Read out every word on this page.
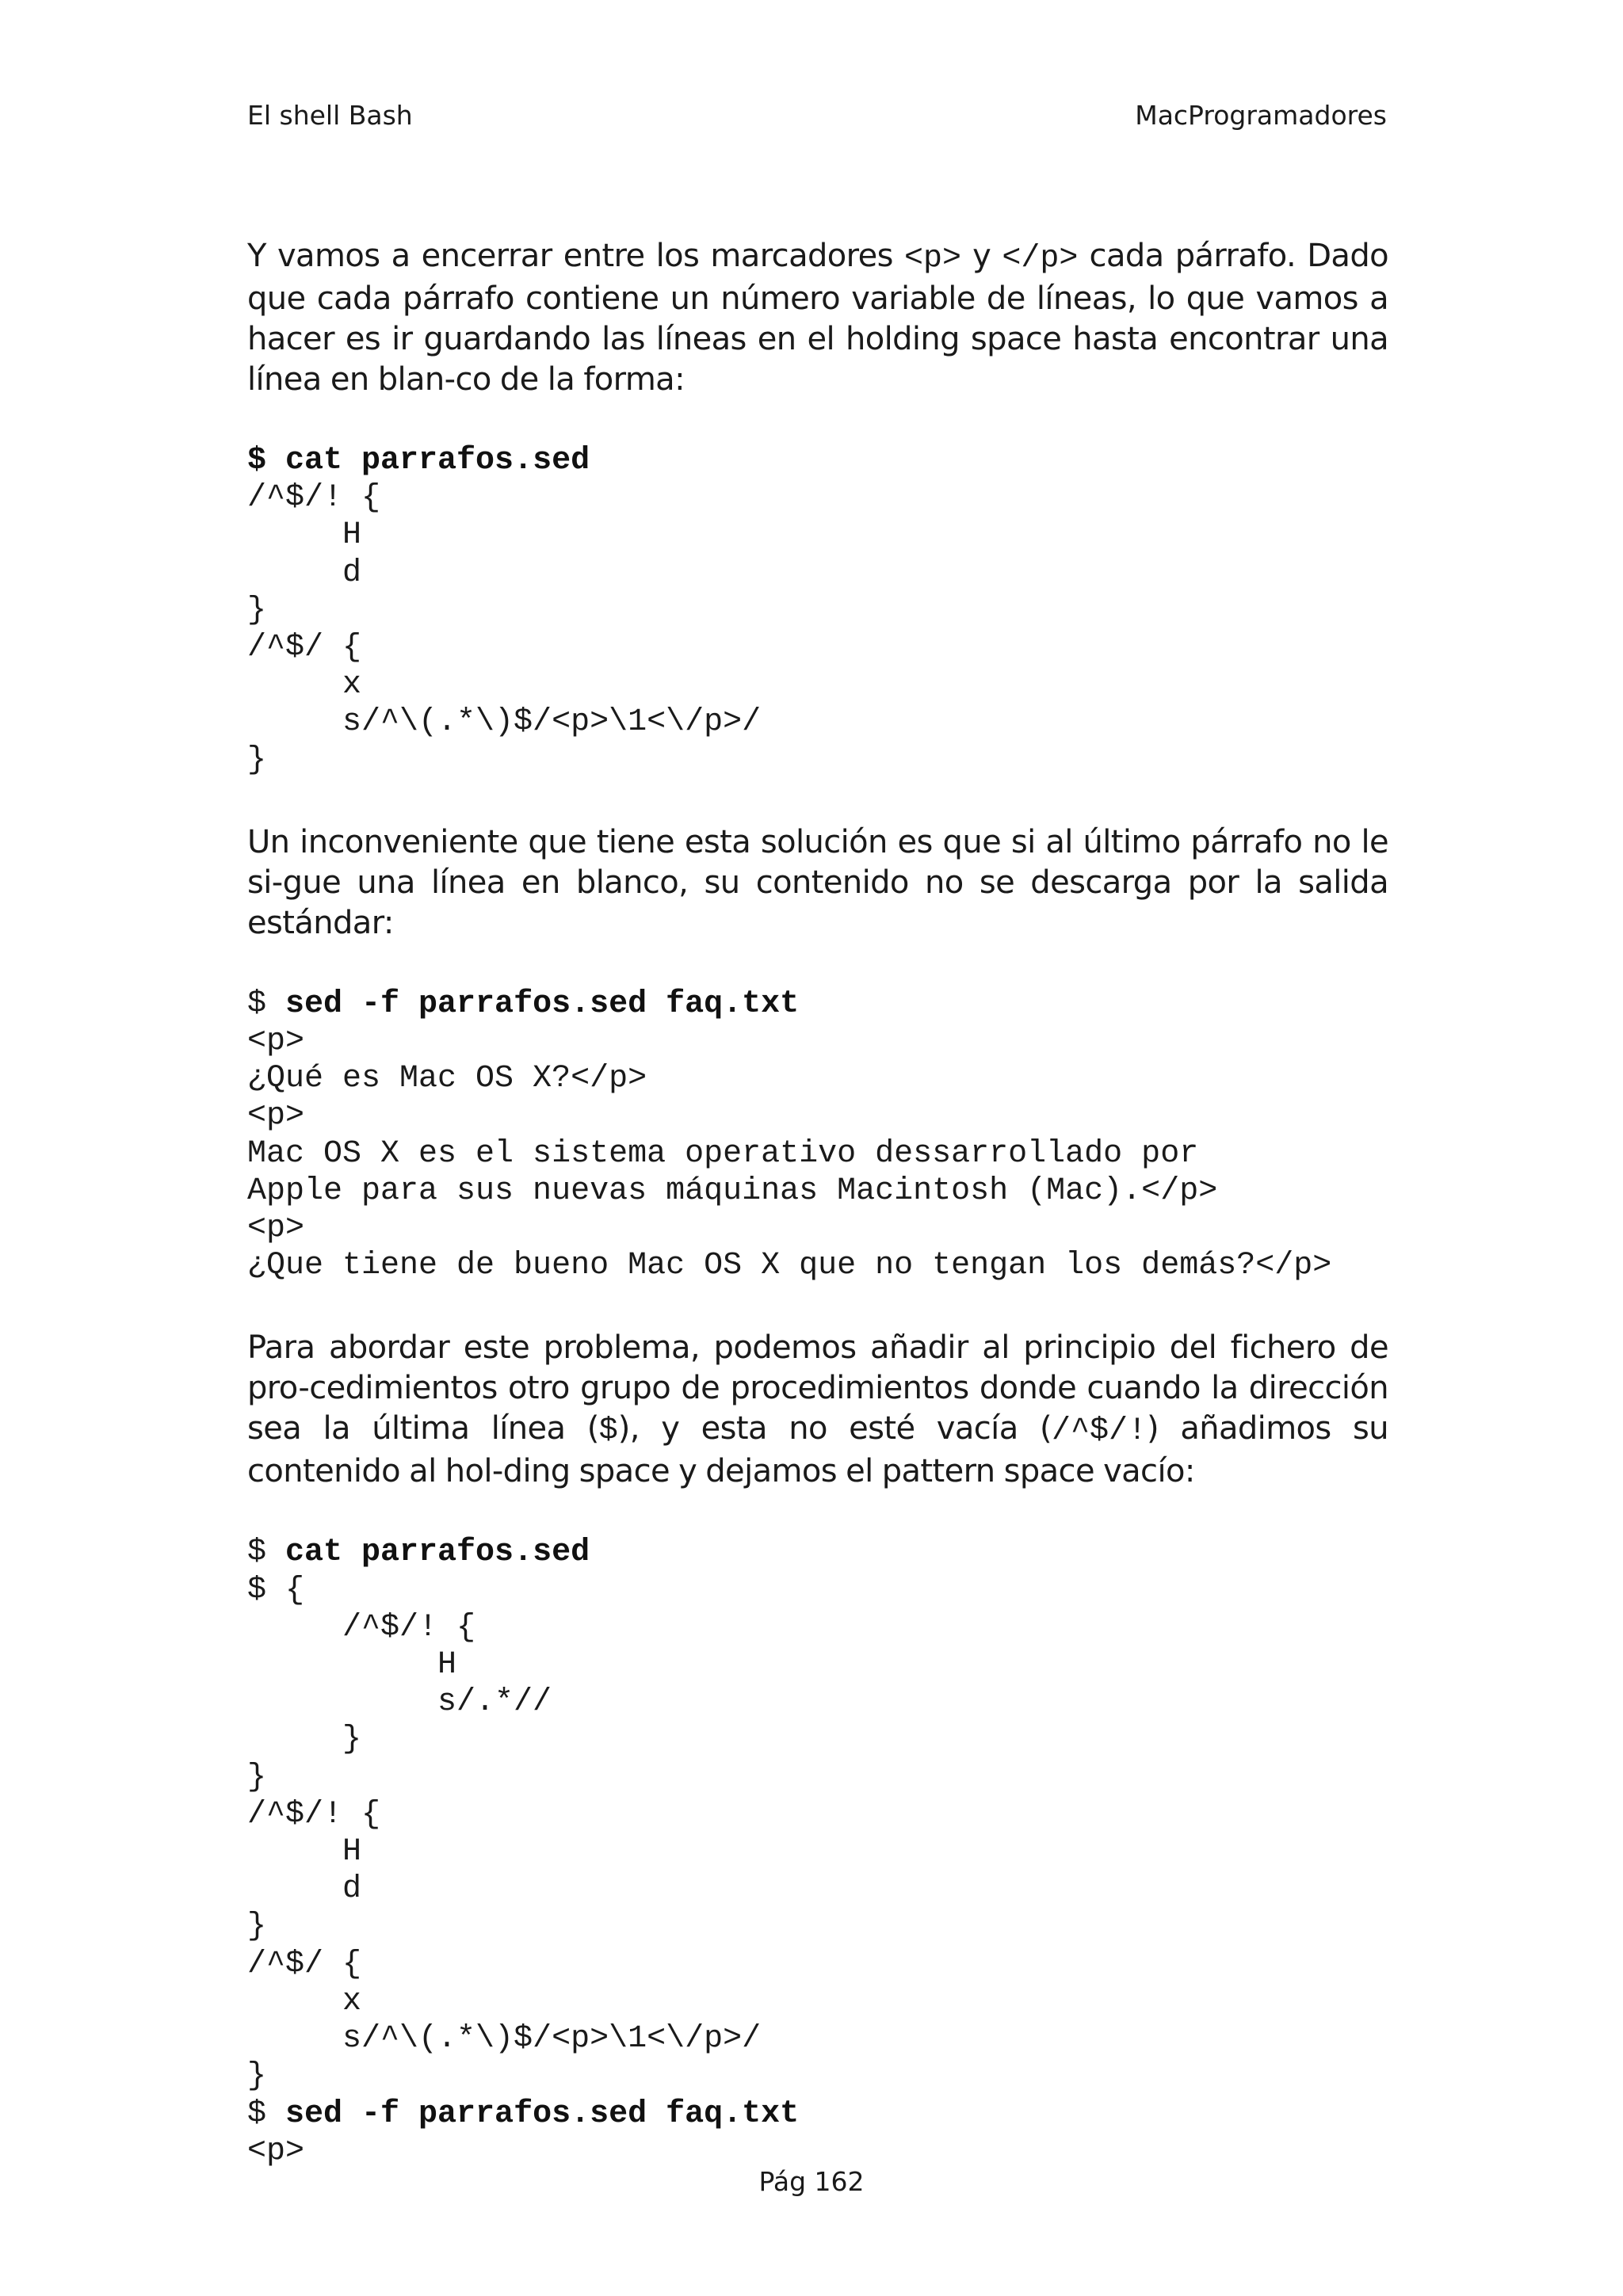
El shell Bash	MacProgramadores

Y vamos a encerrar entre los marcadores <p> y </p> cada párrafo. Dado que cada párrafo contiene un número variable de líneas, lo que vamos a hacer es ir guardando las líneas en el holding space hasta encontrar una línea en blan-co de la forma:

$ cat parrafos.sed
/^$/! {
H
d
}
/^$/ {
x
s/^\(.*\)$/<p>\1<\/p>/
}

Un inconveniente que tiene esta solución es que si al último párrafo no le si-gue una línea en blanco, su contenido no se descarga por la salida estándar:

$ sed -f parrafos.sed faq.txt
<p>
¿Qué es Mac OS X?</p>
<p>
Mac OS X es el sistema operativo dessarrollado por
Apple para sus nuevas máquinas Macintosh (Mac).</p>
<p>
¿Que tiene de bueno Mac OS X que no tengan los demás?</p>

Para abordar este problema, podemos añadir al principio del fichero de pro-cedimientos otro grupo de procedimientos donde cuando la dirección sea la última línea ($), y esta no esté vacía (/^$/!) añadimos su contenido al hol-ding space y dejamos el pattern space vacío:

$ cat parrafos.sed
$ {
/^$/! {
H
s/.*//
}
}
/^$/! {
H
d
}
/^$/ {
x
s/^\(.*\)$/<p>\1<\/p>/
}
$ sed -f parrafos.sed faq.txt
<p>
Pág 162
